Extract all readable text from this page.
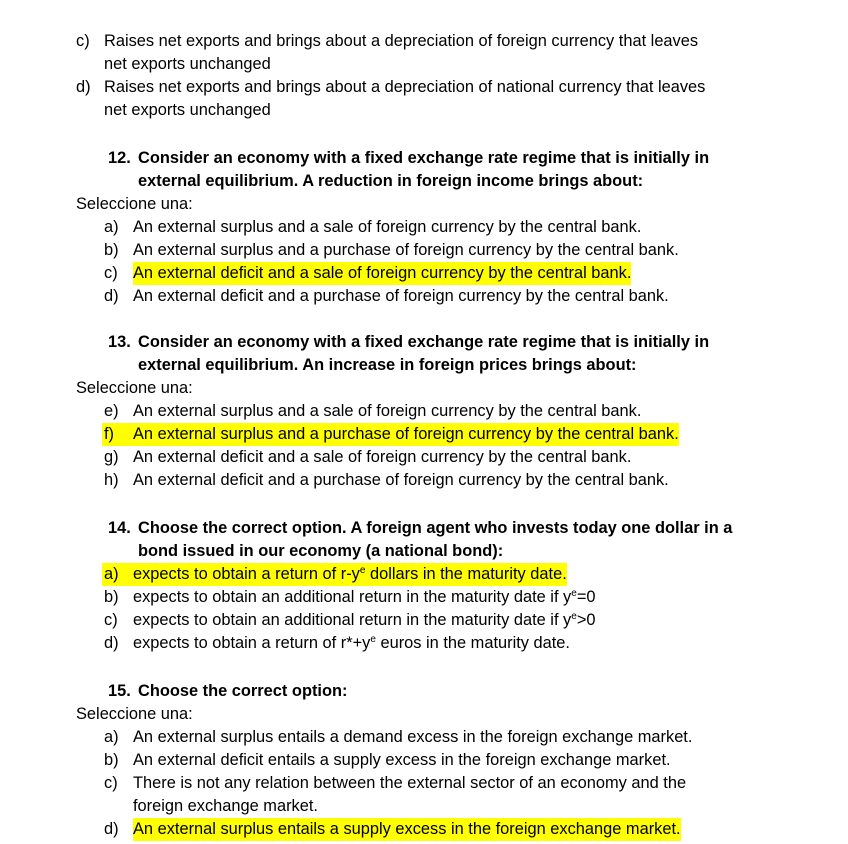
c) Raises net exports and brings about a depreciation of foreign currency that leaves
net exports unchanged
d) Raises net exports and brings about a depreciation of national currency that leaves
net exports unchanged
12. Consider an economy with a fixed exchange rate regime that is initially in
external equilibrium. A reduction in foreign income brings about:
Seleccione una:
a) An external surplus and a sale of foreign currency by the central bank.
b) An external surplus and a purchase of foreign currency by the central bank.
c) An external deficit and a sale of foreign currency by the central bank.
d) An external deficit and a purchase of foreign currency by the central bank.
13. Consider an economy with a fixed exchange rate regime that is initially in
external equilibrium. An increase in foreign prices brings about:
Seleccione una:
e) An external surplus and a sale of foreign currency by the central bank.
f)	An external surplus and a purchase of foreign currency by the central bank.
g) An external deficit and a sale of foreign currency by the central bank.
h) An external deficit and a purchase of foreign currency by the central bank.
14. Choose the correct option. A foreign agent who invests today one dollar in a
bond issued in our economy (a national bond):
a) expects to obtain a return of $r-y^e$ dollars in the maturity date.
b) expects to obtain an additional return in the maturity date if $y^e=0$
c) expects to obtain an additional return in the maturity date if $y^e>0$
d) expects to obtain a return of $r*+y^e$ euros in the maturity date.
15. Choose the correct option:
Seleccione una:
a) An external surplus entails a demand excess in the foreign exchange market.
b) An external deficit entails a supply excess in the foreign exchange market.
c) There is not any relation between the external sector of an economy and the
foreign exchange market.
d) An external surplus entails a supply excess in the foreign exchange market.
